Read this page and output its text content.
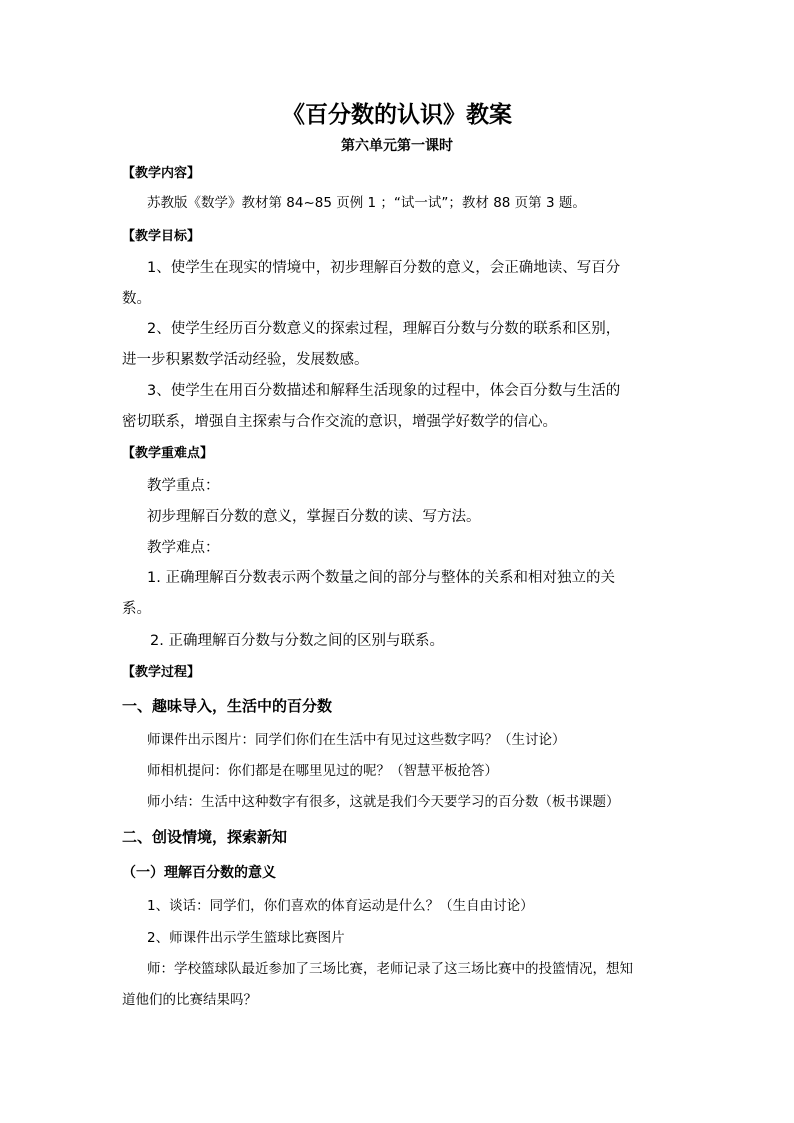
《百分数的认识》教案
第六单元第一课时
【教学内容】
苏教版《数学》教材第 84~85 页例 1 ；“试一试”；教材 88 页第 3 题。
【教学目标】
1、使学生在现实的情境中，初步理解百分数的意义，会正确地读、写百分
数。
2、使学生经历百分数意义的探索过程，理解百分数与分数的联系和区别，
进一步积累数学活动经验，发展数感。
3、使学生在用百分数描述和解释生活现象的过程中，体会百分数与生活的
密切联系，增强自主探索与合作交流的意识，增强学好数学的信心。
【教学重难点】
教学重点：
初步理解百分数的意义，掌握百分数的读、写方法。
教学难点：
1. 正确理解百分数表示两个数量之间的部分与整体的关系和相对独立的关
系。
2. 正确理解百分数与分数之间的区别与联系。
【教学过程】
一、趣味导入，生活中的百分数
师课件出示图片：同学们你们在生活中有见过这些数字吗？（生讨论）
师相机提问：你们都是在哪里见过的呢？（智慧平板抢答）
师小结：生活中这种数字有很多，这就是我们今天要学习的百分数（板书课题）
二、创设情境，探索新知
（一）理解百分数的意义
1、谈话：同学们，你们喜欢的体育运动是什么？（生自由讨论）
2、师课件出示学生篮球比赛图片
师：学校篮球队最近参加了三场比赛，老师记录了这三场比赛中的投篮情况，想知
道他们的比赛结果吗？
